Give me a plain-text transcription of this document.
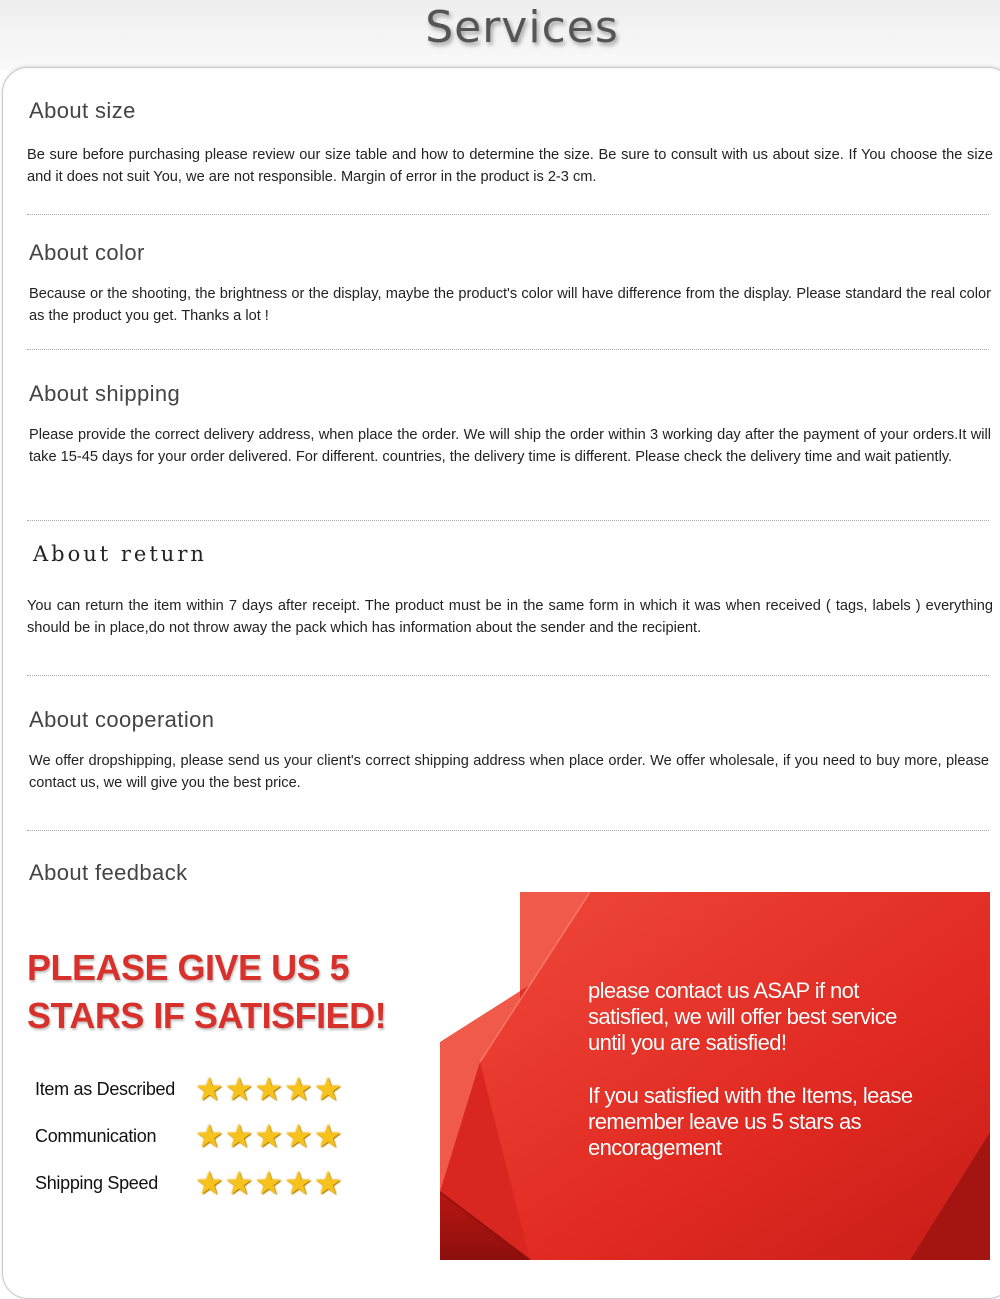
Services
About size
Be sure before purchasing please review our size table and how to determine the size. Be sure to consult with us about size. If You choose the size and it does not suit You, we are not responsible. Margin of error in the product is 2-3 cm.
About color
Because or the shooting, the brightness or the display, maybe the product's color will have difference from the display. Please standard the real color as the product you get. Thanks a lot !
About shipping
Please provide the correct delivery address, when place the order. We will ship the order within 3 working day after the payment of your orders.It will take 15-45 days for your order delivered. For different. countries, the delivery time is different. Please check the delivery time and wait patiently.
About return
You can return the item within 7 days after receipt. The product must be in the same form in which it was when received ( tags, labels ) everything should be in place,do not throw away the pack which has information about the sender and the recipient.
About cooperation
We offer dropshipping, please send us your client's correct shipping address when place order. We offer wholesale, if you need to buy more, please contact us, we will give you the best price.
About feedback
PLEASE GIVE US 5
STARS IF SATISFIED!
Item as Described ★★★★★
Communication ★★★★★
Shipping Speed ★★★★★
please contact us ASAP if not
satisfied, we will offer best service
until you are satisfied!
If you satisfied with the Items, lease
remember leave us 5 stars as
encoragement
